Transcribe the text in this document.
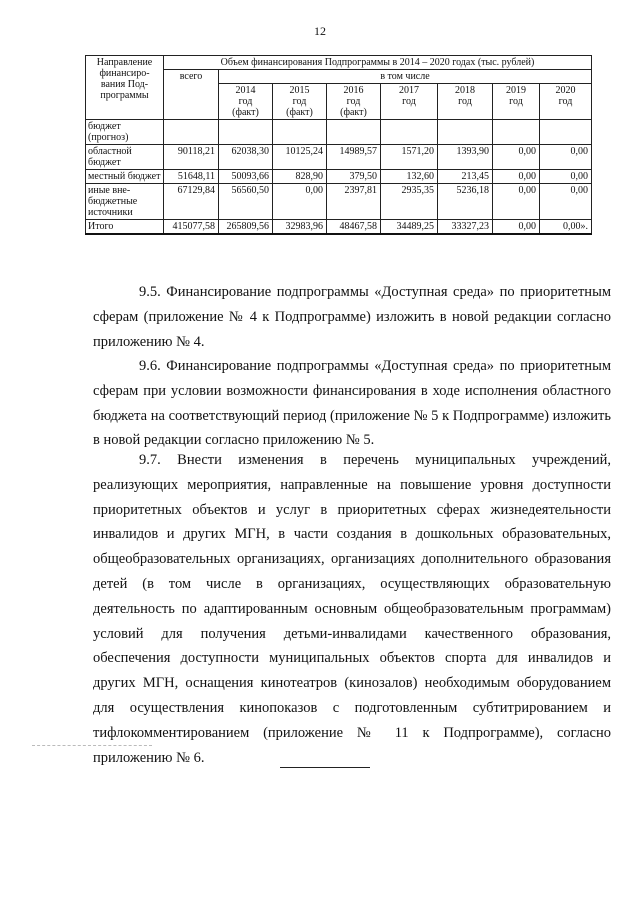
12
Направление финансиро-вания Под-программы	Объем финансирования Подпрограммы в 2014 – 2020 годах (тыс. рублей)							
	всего	в том числе						
		2014
год
(факт)	2015
год
(факт)	2016
год
(факт)	2017
год	2018
год	2019
год	2020
год
бюджет (прогноз)								
областной бюджет	90118,21	62038,30	10125,24	14989,57	1571,20	1393,90	0,00	0,00
местный бюджет	51648,11	50093,66	828,90	379,50	132,60	213,45	0,00	0,00
иные вне-бюджетные источники	67129,84	56560,50	0,00	2397,81	2935,35	5236,18	0,00	0,00
Итого	415077,58	265809,56	32983,96	48467,58	34489,25	33327,23	0,00	0,00».

9.5. Финансирование подпрограммы «Доступная среда» по приоритетным сферам (приложение № 4 к Подпрограмме) изложить в новой редакции согласно приложению № 4.

9.6. Финансирование подпрограммы «Доступная среда» по приоритетным сферам при условии возможности финансирования в ходе исполнения областного бюджета на соответствующий период (приложение № 5 к Подпрограмме) изложить в новой редакции согласно приложению № 5.

9.7. Внести изменения в перечень муниципальных учреждений, реализующих мероприятия, направленные на повышение уровня доступности приоритетных объектов и услуг в приоритетных сферах жизнедеятельности инвалидов и других МГН, в части создания в дошкольных образовательных, общеобразовательных организациях, организациях дополнительного образования детей (в том числе в организациях, осуществляющих образовательную деятельность по адаптированным основным общеобразовательным программам) условий для получения детьми-инвалидами качественного образования, обеспечения доступности муниципальных объектов спорта для инвалидов и других МГН, оснащения кинотеатров (кинозалов) необходимым оборудованием для осуществления кинопоказов с подготовленным субтитрированием и тифлокомментированием (приложение № 11 к Подпрограмме), согласно приложению № 6.
